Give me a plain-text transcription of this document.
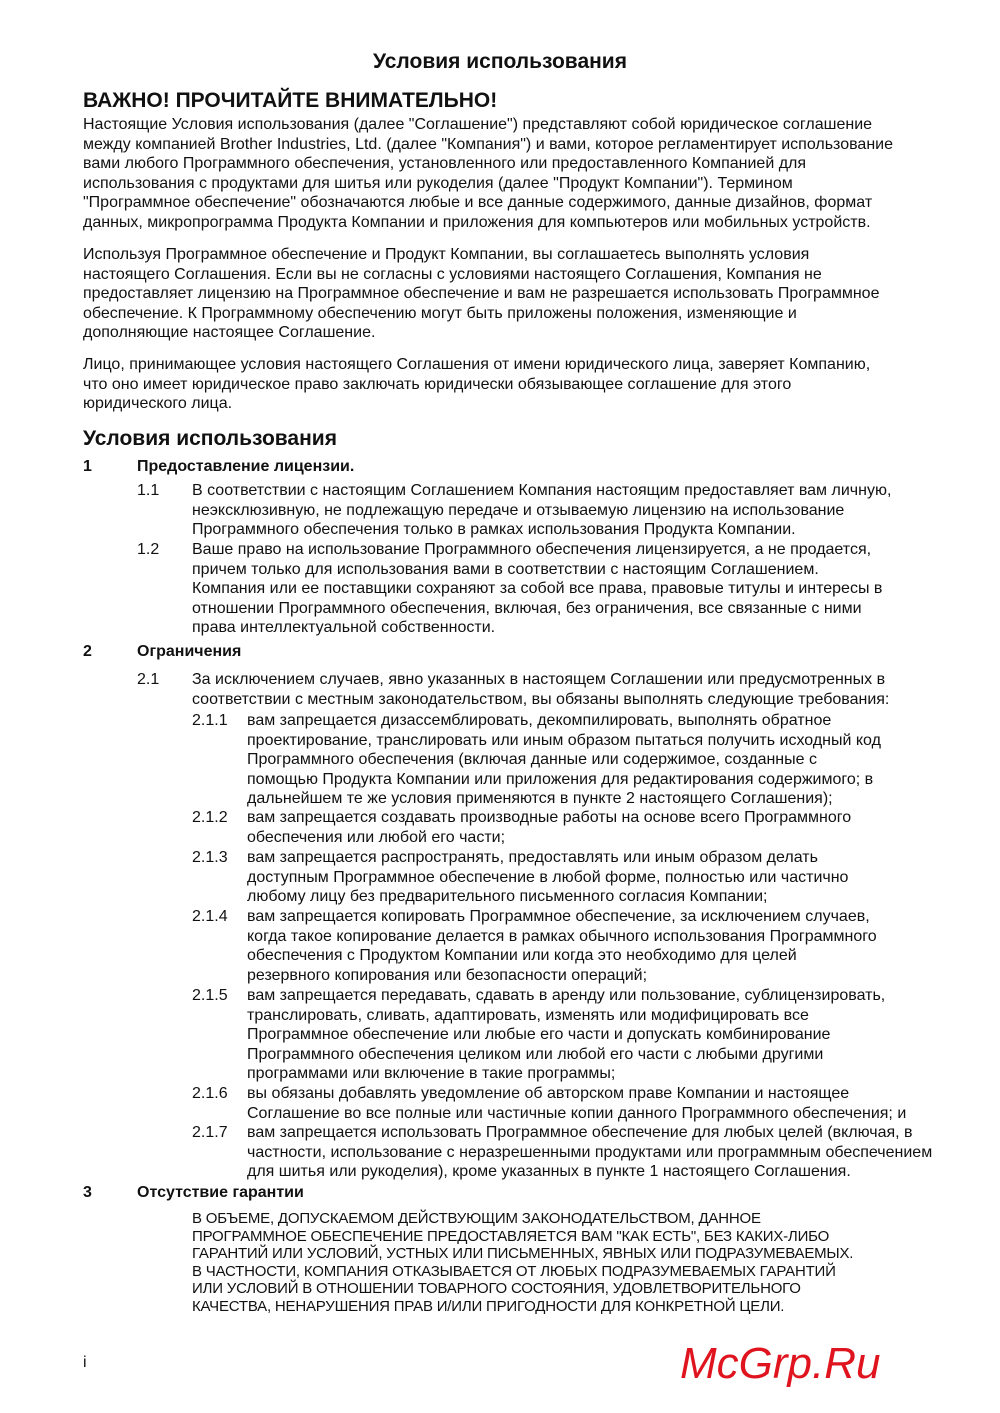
Условия использования
ВАЖНО! ПРОЧИТАЙТЕ ВНИМАТЕЛЬНО!
Настоящие Условия использования (далее "Соглашение") представляют собой юридическое соглашение
между компанией Brother Industries, Ltd. (далее "Компания") и вами, которое регламентирует использование
вами любого Программного обеспечения, установленного или предоставленного Компанией для
использования с продуктами для шитья или рукоделия (далее "Продукт Компании"). Термином
"Программное обеспечение" обозначаются любые и все данные содержимого, данные дизайнов, формат
данных, микропрограмма Продукта Компании и приложения для компьютеров или мобильных устройств.
Используя Программное обеспечение и Продукт Компании, вы соглашаетесь выполнять условия
настоящего Соглашения. Если вы не согласны с условиями настоящего Соглашения, Компания не
предоставляет лицензию на Программное обеспечение и вам не разрешается использовать Программное
обеспечение. К Программному обеспечению могут быть приложены положения, изменяющие и
дополняющие настоящее Соглашение.
Лицо, принимающее условия настоящего Соглашения от имени юридического лица, заверяет Компанию,
что оно имеет юридическое право заключать юридически обязывающее соглашение для этого
юридического лица.
Условия использования
1	Предоставление лицензии.
1.1 В соответствии с настоящим Соглашением Компания настоящим предоставляет вам личную,
неэксклюзивную, не подлежащую передаче и отзываемую лицензию на использование
Программного обеспечения только в рамках использования Продукта Компании.
1.2 Ваше право на использование Программного обеспечения лицензируется, а не продается,
причем только для использования вами в соответствии с настоящим Соглашением.
Компания или ее поставщики сохраняют за собой все права, правовые титулы и интересы в
отношении Программного обеспечения, включая, без ограничения, все связанные с ними
права интеллектуальной собственности.
2	Ограничения
2.1 За исключением случаев, явно указанных в настоящем Соглашении или предусмотренных в
соответствии с местным законодательством, вы обязаны выполнять следующие требования:
2.1.1 вам запрещается дизассемблировать, декомпилировать, выполнять обратное
проектирование, транслировать или иным образом пытаться получить исходный код
Программного обеспечения (включая данные или содержимое, созданные с
помощью Продукта Компании или приложения для редактирования содержимого; в
дальнейшем те же условия применяются в пункте 2 настоящего Соглашения);
2.1.2 вам запрещается создавать производные работы на основе всего Программного
обеспечения или любой его части;
2.1.3 вам запрещается распространять, предоставлять или иным образом делать
доступным Программное обеспечение в любой форме, полностью или частично
любому лицу без предварительного письменного согласия Компании;
2.1.4 вам запрещается копировать Программное обеспечение, за исключением случаев,
когда такое копирование делается в рамках обычного использования Программного
обеспечения с Продуктом Компании или когда это необходимо для целей
резервного копирования или безопасности операций;
2.1.5 вам запрещается передавать, сдавать в аренду или пользование, сублицензировать,
транслировать, сливать, адаптировать, изменять или модифицировать все
Программное обеспечение или любые его части и допускать комбинирование
Программного обеспечения целиком или любой его части с любыми другими
программами или включение в такие программы;
2.1.6 вы обязаны добавлять уведомление об авторском праве Компании и настоящее
Соглашение во все полные или частичные копии данного Программного обеспечения; и
2.1.7 вам запрещается использовать Программное обеспечение для любых целей (включая, в
частности, использование с неразрешенными продуктами или программным обеспечением
для шитья или рукоделия), кроме указанных в пункте 1 настоящего Соглашения.
3	Отсутствие гарантии
В ОБЪЕМЕ, ДОПУСКАЕМОМ ДЕЙСТВУЮЩИМ ЗАКОНОДАТЕЛЬСТВОМ, ДАННОЕ
ПРОГРАММНОЕ ОБЕСПЕЧЕНИЕ ПРЕДОСТАВЛЯЕТСЯ ВАМ "КАК ЕСТЬ", БЕЗ КАКИХ-ЛИБО
ГАРАНТИЙ ИЛИ УСЛОВИЙ, УСТНЫХ ИЛИ ПИСЬМЕННЫХ, ЯВНЫХ ИЛИ ПОДРАЗУМЕВАЕМЫХ.
В ЧАСТНОСТИ, КОМПАНИЯ ОТКАЗЫВАЕТСЯ ОТ ЛЮБЫХ ПОДРАЗУМЕВАЕМЫХ ГАРАНТИЙ
ИЛИ УСЛОВИЙ В ОТНОШЕНИИ ТОВАРНОГО СОСТОЯНИЯ, УДОВЛЕТВОРИТЕЛЬНОГО
КАЧЕСТВА, НЕНАРУШЕНИЯ ПРАВ И/ИЛИ ПРИГОДНОСТИ ДЛЯ КОНКРЕТНОЙ ЦЕЛИ.
McGrp.Ru
i
